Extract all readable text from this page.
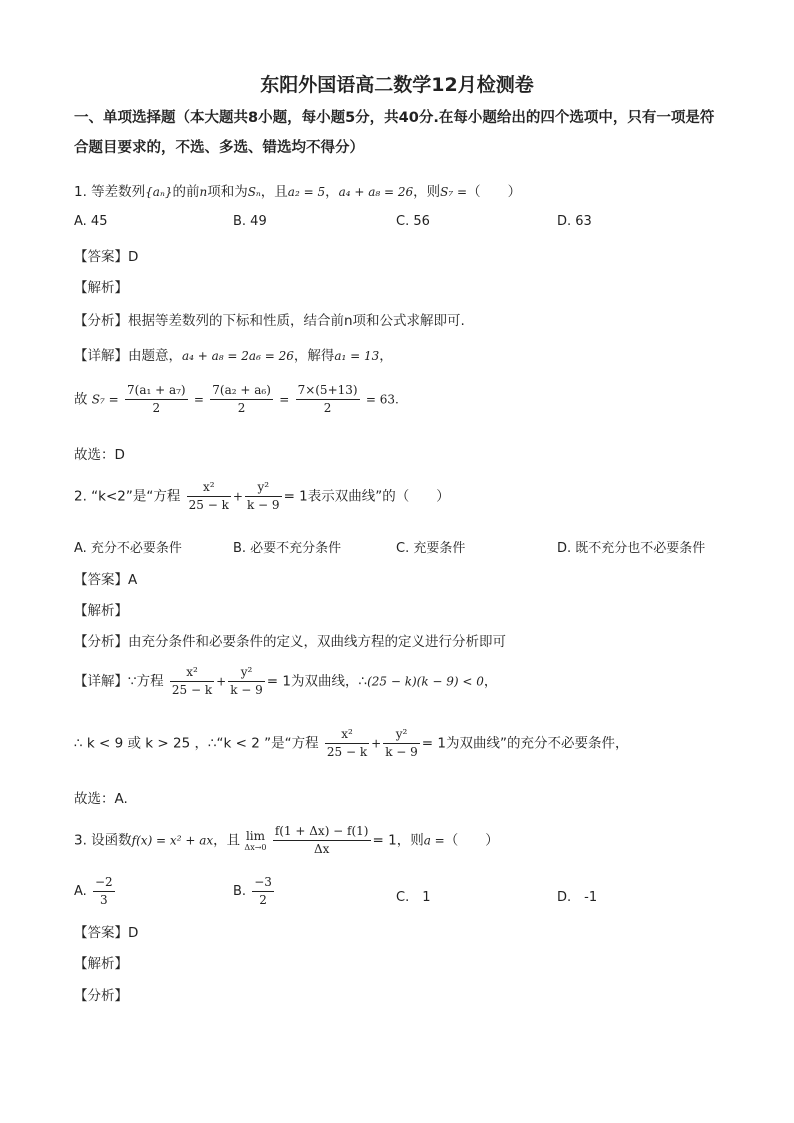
东阳外国语高二数学12月检测卷
一、单项选择题（本大题共8小题，每小题5分，共40分.在每小题给出的四个选项中，只有一项是符合题目要求的，不选、多选、错选均不得分）
1. 等差数列{aₙ}的前n项和为Sₙ，且a₂ = 5，a₄ + a₈ = 26，则S₇ =（　　）
A. 45	B. 49	C. 56	D. 63
【答案】D
【解析】
【分析】根据等差数列的下标和性质，结合前n项和公式求解即可.
【详解】由题意，a₄ + a₈ = 2a₆ = 26，解得a₁ = 13，
故 $S_7 = \frac{\text{7(a₁ + a₇)}}{2} = \frac{\text{7(a₂ + a₆)}}{2} = \frac{7\times(5+13)}{2} = 63$.
故选：D
2. “k<2”是“方程 $\frac{\text{x²}}{25 - k} + \frac{\text{y²}}{k - 9} = 1$表示双曲线”的（　　）
A. 充分不必要条件	B. 必要不充分条件	C. 充要条件	D. 既不充分也不必要条件
【答案】A
【解析】
【分析】由充分条件和必要条件的定义，双曲线方程的定义进行分析即可
【详解】∵方程 $\frac{\text{x²}}{25 - k} + \frac{\text{y²}}{k - 9} = 1$为双曲线，∴(25 − k)(k − 9) < 0，
∴ k < 9 或 k > 25 ，∴“k < 2 ”是“方程 $\frac{\text{x²}}{25 - k} + \frac{\text{y²}}{k - 9} = 1$为双曲线”的充分不必要条件，
故选：A.
3. 设函数f(x) = x² + ax，且 lim
Δx→0
$\frac{f(1 + \Delta x) - f(1)}{\Delta x} = 1$，则a =（　　）
A. $\frac{-2}{3}$	B. $\frac{-3}{2}$	C.　1	D.　-1
【答案】D
【解析】
【分析】
